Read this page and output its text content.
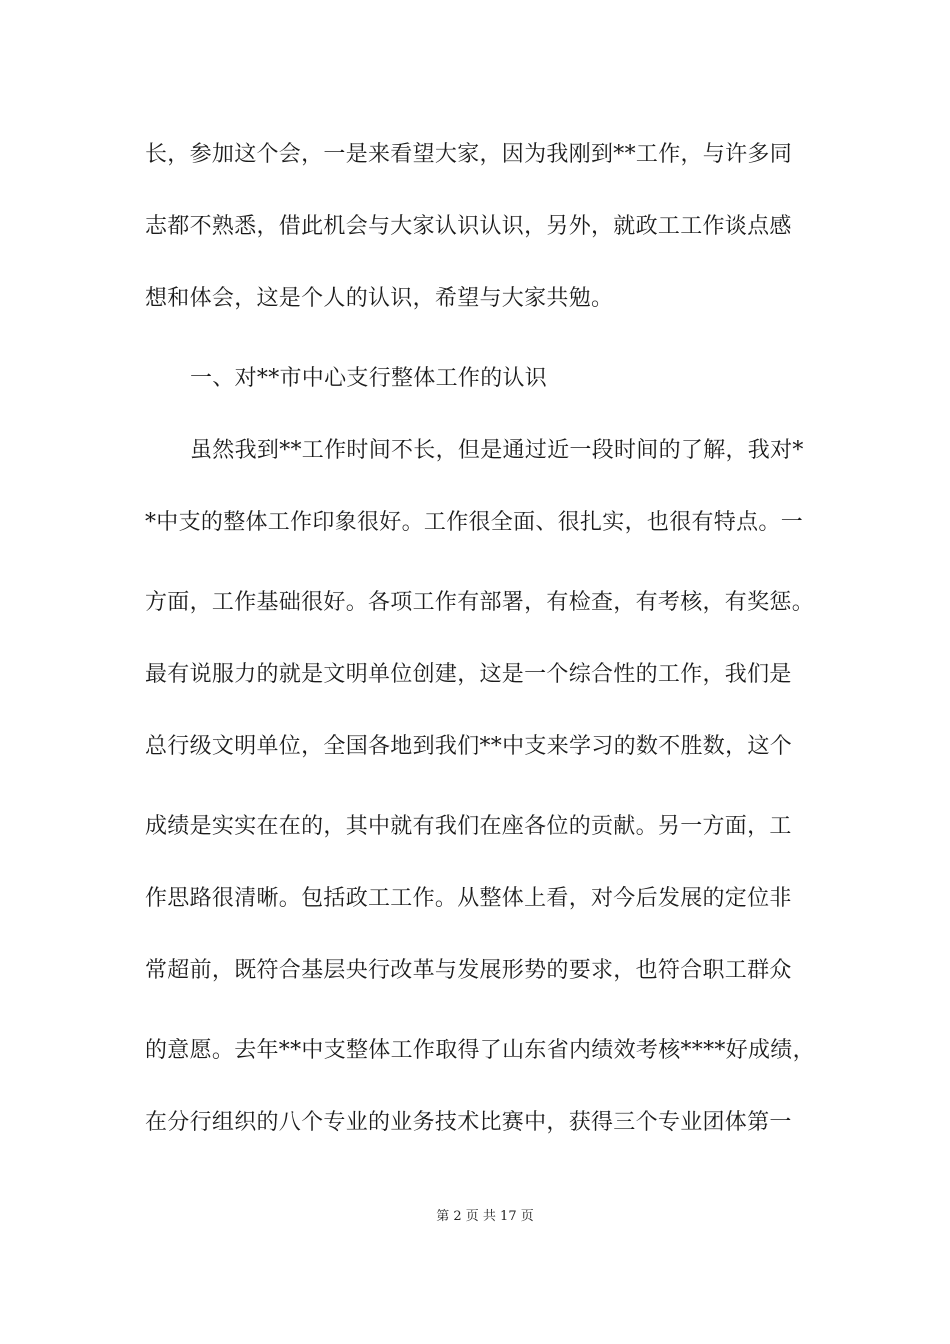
长，参加这个会，一是来看望大家，因为我刚到**工作，与许多同
志都不熟悉，借此机会与大家认识认识，另外，就政工工作谈点感
想和体会，这是个人的认识，希望与大家共勉。
一、对**市中心支行整体工作的认识
虽然我到**工作时间不长，但是通过近一段时间的了解，我对*
*中支的整体工作印象很好。工作很全面、很扎实，也很有特点。一
方面，工作基础很好。各项工作有部署，有检查，有考核，有奖惩。
最有说服力的就是文明单位创建，这是一个综合性的工作，我们是
总行级文明单位，全国各地到我们**中支来学习的数不胜数，这个
成绩是实实在在的，其中就有我们在座各位的贡献。另一方面，工
作思路很清晰。包括政工工作。从整体上看，对今后发展的定位非
常超前，既符合基层央行改革与发展形势的要求，也符合职工群众
的意愿。去年**中支整体工作取得了山东省内绩效考核****好成绩，
在分行组织的八个专业的业务技术比赛中，获得三个专业团体第一
第 2 页 共 17 页
